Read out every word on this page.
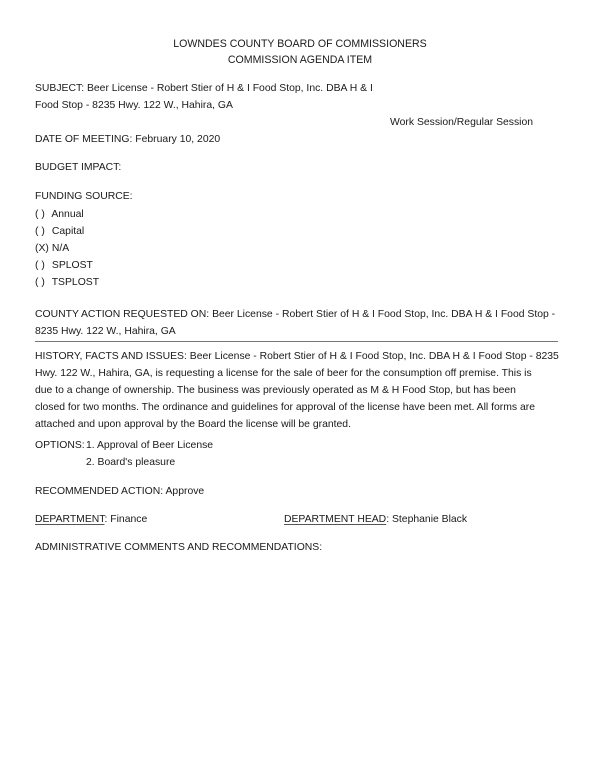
LOWNDES COUNTY BOARD OF COMMISSIONERS
COMMISSION AGENDA ITEM
SUBJECT: Beer License - Robert Stier of H & I Food Stop, Inc. DBA H & I
Food Stop - 8235 Hwy. 122 W., Hahira, GA
Work Session/Regular Session
DATE OF MEETING: February 10, 2020
BUDGET IMPACT:
FUNDING SOURCE:
( ) Annual
( ) Capital
(X) N/A
( ) SPLOST
( ) TSPLOST
COUNTY ACTION REQUESTED ON: Beer License - Robert Stier of H & I Food Stop, Inc. DBA H & I Food Stop -
8235 Hwy. 122 W., Hahira, GA
HISTORY, FACTS AND ISSUES: Beer License - Robert Stier of H & I Food Stop, Inc. DBA H & I Food Stop - 8235
Hwy. 122 W., Hahira, GA, is requesting a license for the sale of beer for the consumption off premise. This is
due to a change of ownership. The business was previously operated as M & H Food Stop, but has been
closed for two months. The ordinance and guidelines for approval of the license have been met. All forms are
attached and upon approval by the Board the license will be granted.
OPTIONS: 1. Approval of Beer License
2. Board's pleasure
RECOMMENDED ACTION: Approve
DEPARTMENT: Finance	DEPARTMENT HEAD: Stephanie Black
ADMINISTRATIVE COMMENTS AND RECOMMENDATIONS:
